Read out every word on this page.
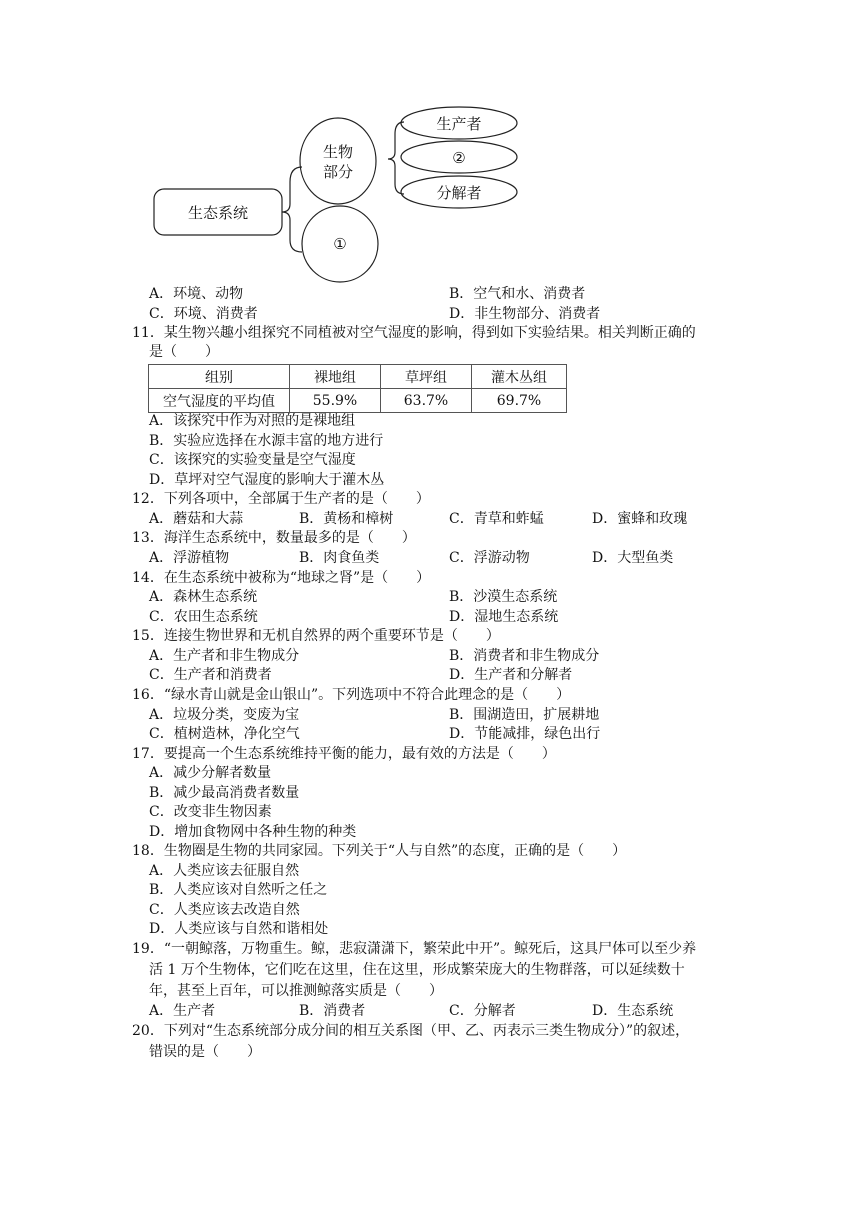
生态系统
生物
部分
①
生产者
②
分解者
A．环境、动物	B．空气和水、消费者
C．环境、消费者	D．非生物部分、消费者
11．某生物兴趣小组探究不同植被对空气湿度的影响，得到如下实验结果。相关判断正确的
是（　　）
组别	裸地组	草坪组	灌木丛组
空气湿度的平均值	55.9%	63.7%	69.7%
A．该探究中作为对照的是裸地组
B．实验应选择在水源丰富的地方进行
C．该探究的实验变量是空气湿度
D．草坪对空气湿度的影响大于灌木丛
12．下列各项中，全部属于生产者的是（　　）
A．蘑菇和大蒜	B．黄杨和樟树	C．青草和蚱蜢	D．蜜蜂和玫瑰
13．海洋生态系统中，数量最多的是（　　）
A．浮游植物	B．肉食鱼类	C．浮游动物	D．大型鱼类
14．在生态系统中被称为“地球之肾”是（　　）
A．森林生态系统	B．沙漠生态系统
C．农田生态系统	D．湿地生态系统
15．连接生物世界和无机自然界的两个重要环节是（　　）
A．生产者和非生物成分	B．消费者和非生物成分
C．生产者和消费者	D．生产者和分解者
16．“绿水青山就是金山银山”。下列选项中不符合此理念的是（　　）
A．垃圾分类，变废为宝	B．围湖造田，扩展耕地
C．植树造林，净化空气	D．节能减排，绿色出行
17．要提高一个生态系统维持平衡的能力，最有效的方法是（　　）
A．减少分解者数量
B．减少最高消费者数量
C．改变非生物因素
D．增加食物网中各种生物的种类
18．生物圈是生物的共同家园。下列关于“人与自然”的态度，正确的是（　　）
A．人类应该去征服自然
B．人类应该对自然听之任之
C．人类应该去改造自然
D．人类应该与自然和谐相处
19．“一朝鲸落，万物重生。鲸，悲寂潇潇下，繁荣此中开”。鲸死后，这具尸体可以至少养
活 1 万个生物体，它们吃在这里，住在这里，形成繁荣庞大的生物群落，可以延续数十
年，甚至上百年，可以推测鲸落实质是（　　）
A．生产者	B．消费者	C．分解者	D．生态系统
20．下列对“生态系统部分成分间的相互关系图（甲、乙、丙表示三类生物成分）”的叙述，
错误的是（　　）
